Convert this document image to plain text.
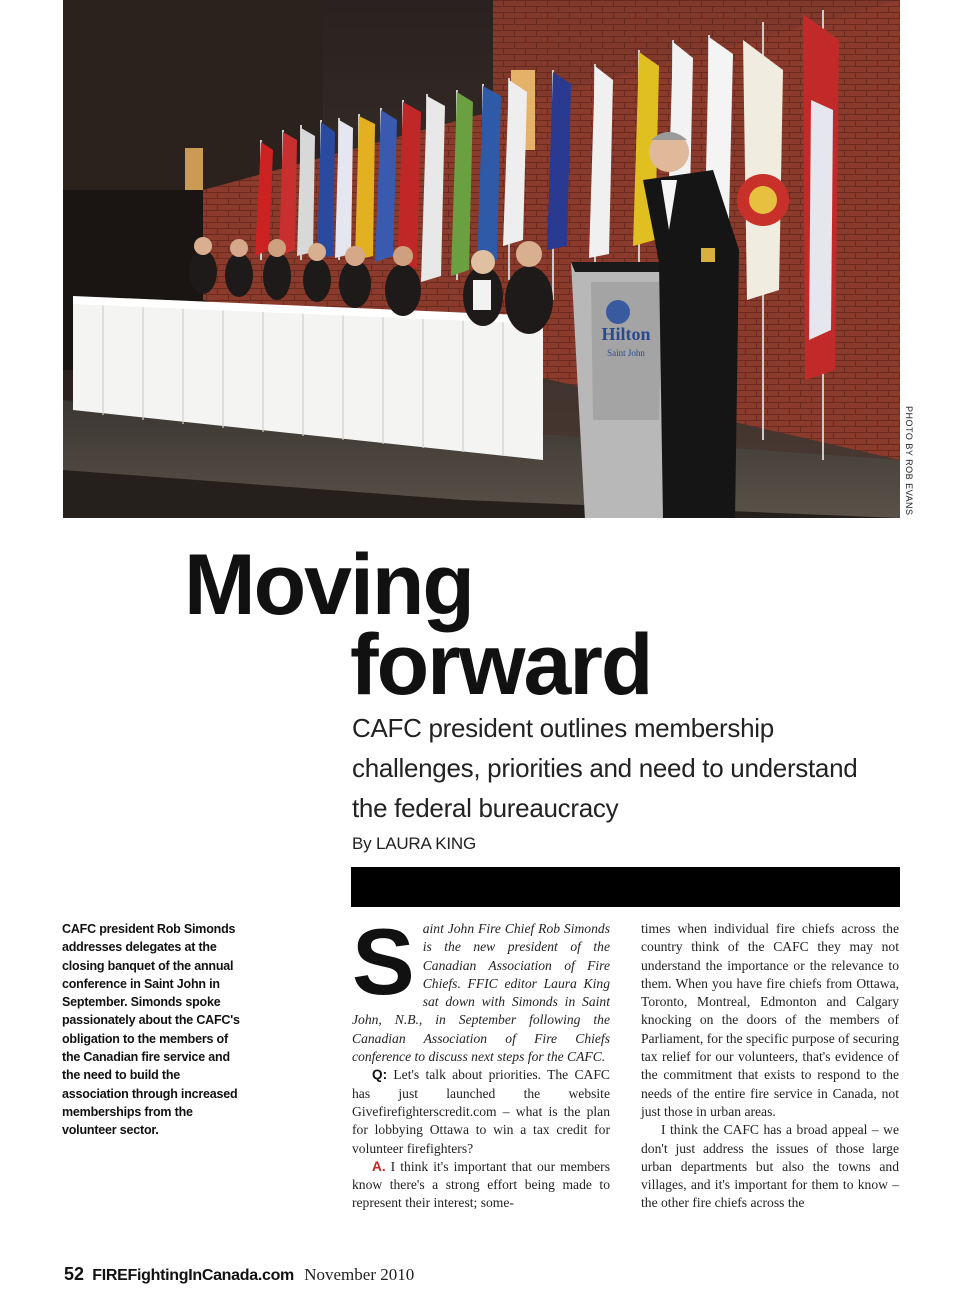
Hilton
Saint John
PHOTO BY ROB EVANS
Moving
forward
CAFC president outlines membership challenges, priorities and need to understand the federal bureaucracy
By LAURA KING
CAFC president Rob Simonds addresses delegates at the closing banquet of the annual conference in Saint John in September. Simonds spoke passionately about the CAFC's obligation to the members of the Canadian fire service and the need to build the association through increased memberships from the volunteer sector.
S aint John Fire Chief Rob Simonds is the new president of the Canadian Association of Fire Chiefs. FFIC editor Laura King sat down with Simonds in Saint John, N.B., in September following the Canadian Association of Fire Chiefs conference to discuss next steps for the CAFC.

Q: Let's talk about priorities. The CAFC has just launched the website Givefirefighterscredit.com – what is the plan for lobbying Ottawa to win a tax credit for volunteer firefighters?

A. I think it's important that our members know there's a strong effort being made to represent their interest; some-

times when individual fire chiefs across the country think of the CAFC they may not understand the importance or the relevance to them. When you have fire chiefs from Ottawa, Toronto, Montreal, Edmonton and Calgary knocking on the doors of the members of Parliament, for the specific purpose of securing tax relief for our volunteers, that's evidence of the commitment that exists to respond to the needs of the entire fire service in Canada, not just those in urban areas.

I think the CAFC has a broad appeal – we don't just address the issues of those large urban departments but also the towns and villages, and it's important for them to know – the other fire chiefs across the

52 FIREFightingInCanada.com November 2010
